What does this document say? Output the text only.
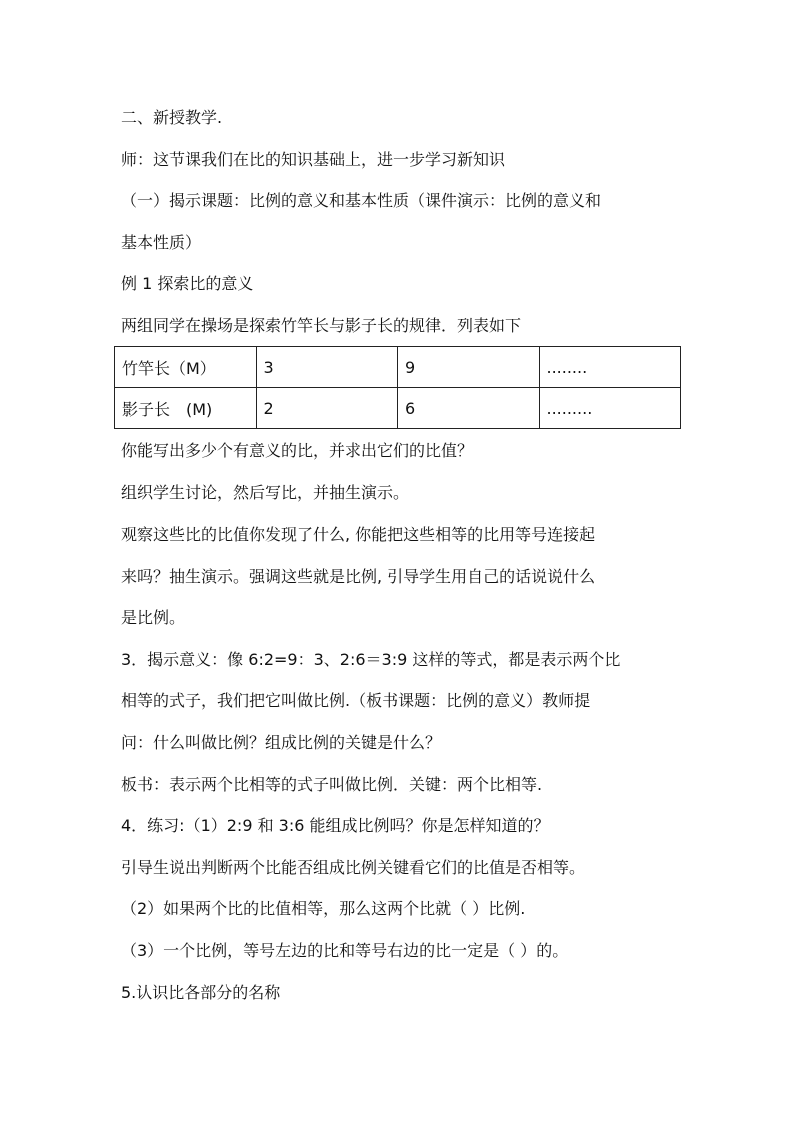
二、新授教学.
师：这节课我们在比的知识基础上，进一步学习新知识
（一）揭示课题：比例的意义和基本性质（课件演示：比例的意义和
基本性质）
例 1 探索比的意义
两组同学在操场是探索竹竿长与影子长的规律．列表如下
竹竿长（M）	3	9	........
影子长　(M)	2	6	.........
你能写出多少个有意义的比，并求出它们的比值？
组织学生讨论，然后写比，并抽生演示。
观察这些比的比值你发现了什么, 你能把这些相等的比用等号连接起
来吗？抽生演示。强调这些就是比例, 引导学生用自己的话说说什么
是比例。
3．揭示意义：像 6:2=9：3、2:6＝3:9 这样的等式，都是表示两个比
相等的式子，我们把它叫做比例.（板书课题：比例的意义）教师提
问：什么叫做比例？组成比例的关键是什么？
板书：表示两个比相等的式子叫做比例．关键：两个比相等.
4．练习:（1）2:9 和 3:6 能组成比例吗？你是怎样知道的？
引导生说出判断两个比能否组成比例关键看它们的比值是否相等。
（2）如果两个比的比值相等，那么这两个比就（ ）比例.
（3）一个比例，等号左边的比和等号右边的比一定是（ ）的。
5.认识比各部分的名称
